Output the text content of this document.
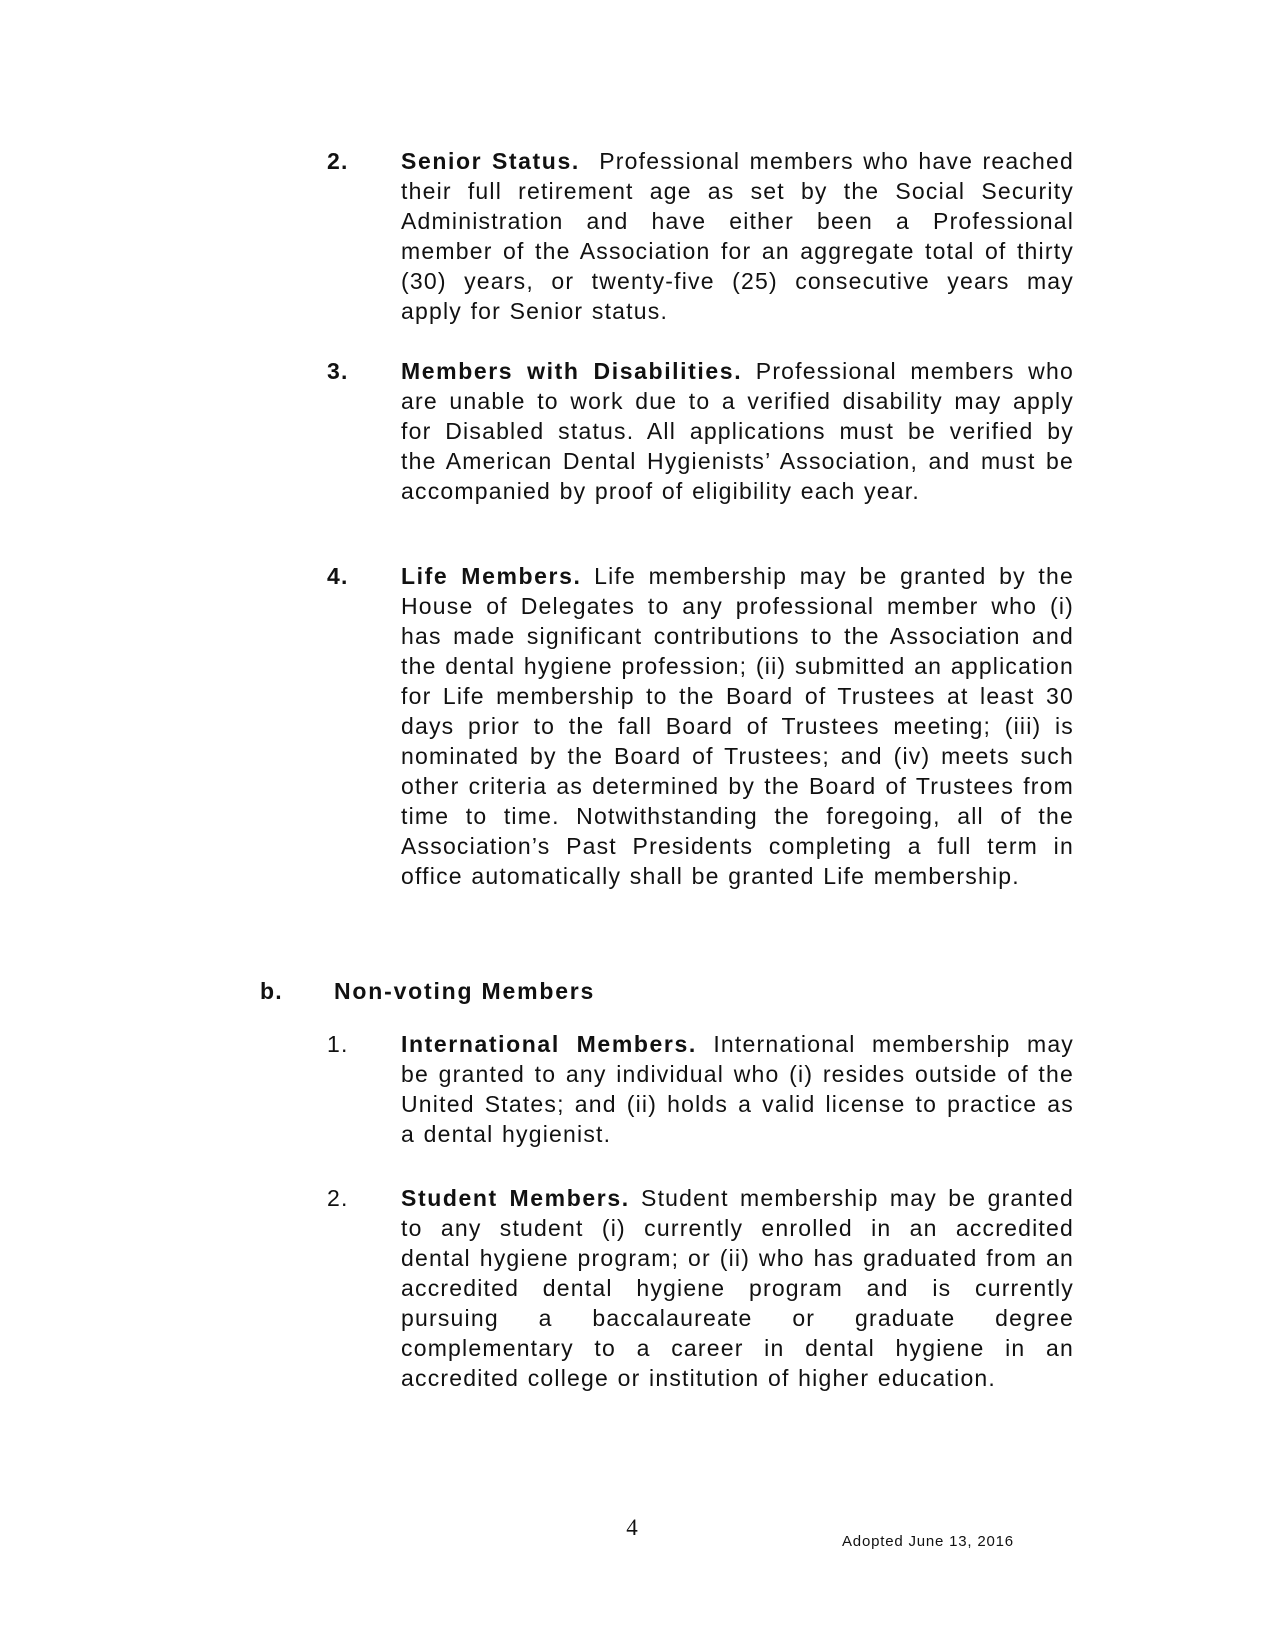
2. Senior Status. Professional members who have reached their full retirement age as set by the Social Security Administration and have either been a Professional member of the Association for an aggregate total of thirty (30) years, or twenty-five (25) consecutive years may apply for Senior status.

3. Members with Disabilities. Professional members who are unable to work due to a verified disability may apply for Disabled status. All applications must be verified by the American Dental Hygienists’ Association, and must be accompanied by proof of eligibility each year.

4. Life Members. Life membership may be granted by the House of Delegates to any professional member who (i) has made significant contributions to the Association and the dental hygiene profession; (ii) submitted an application for Life membership to the Board of Trustees at least 30 days prior to the fall Board of Trustees meeting; (iii) is nominated by the Board of Trustees; and (iv) meets such other criteria as determined by the Board of Trustees from time to time. Notwithstanding the foregoing, all of the Association’s Past Presidents completing a full term in office automatically shall be granted Life membership.

b. Non-voting Members
1. International Members. International membership may be granted to any individual who (i) resides outside of the United States; and (ii) holds a valid license to practice as a dental hygienist.

2. Student Members. Student membership may be granted to any student (i) currently enrolled in an accredited dental hygiene program; or (ii) who has graduated from an accredited dental hygiene program and is currently pursuing a baccalaureate or graduate degree complementary to a career in dental hygiene in an accredited college or institution of higher education.

4
Adopted June 13, 2016
